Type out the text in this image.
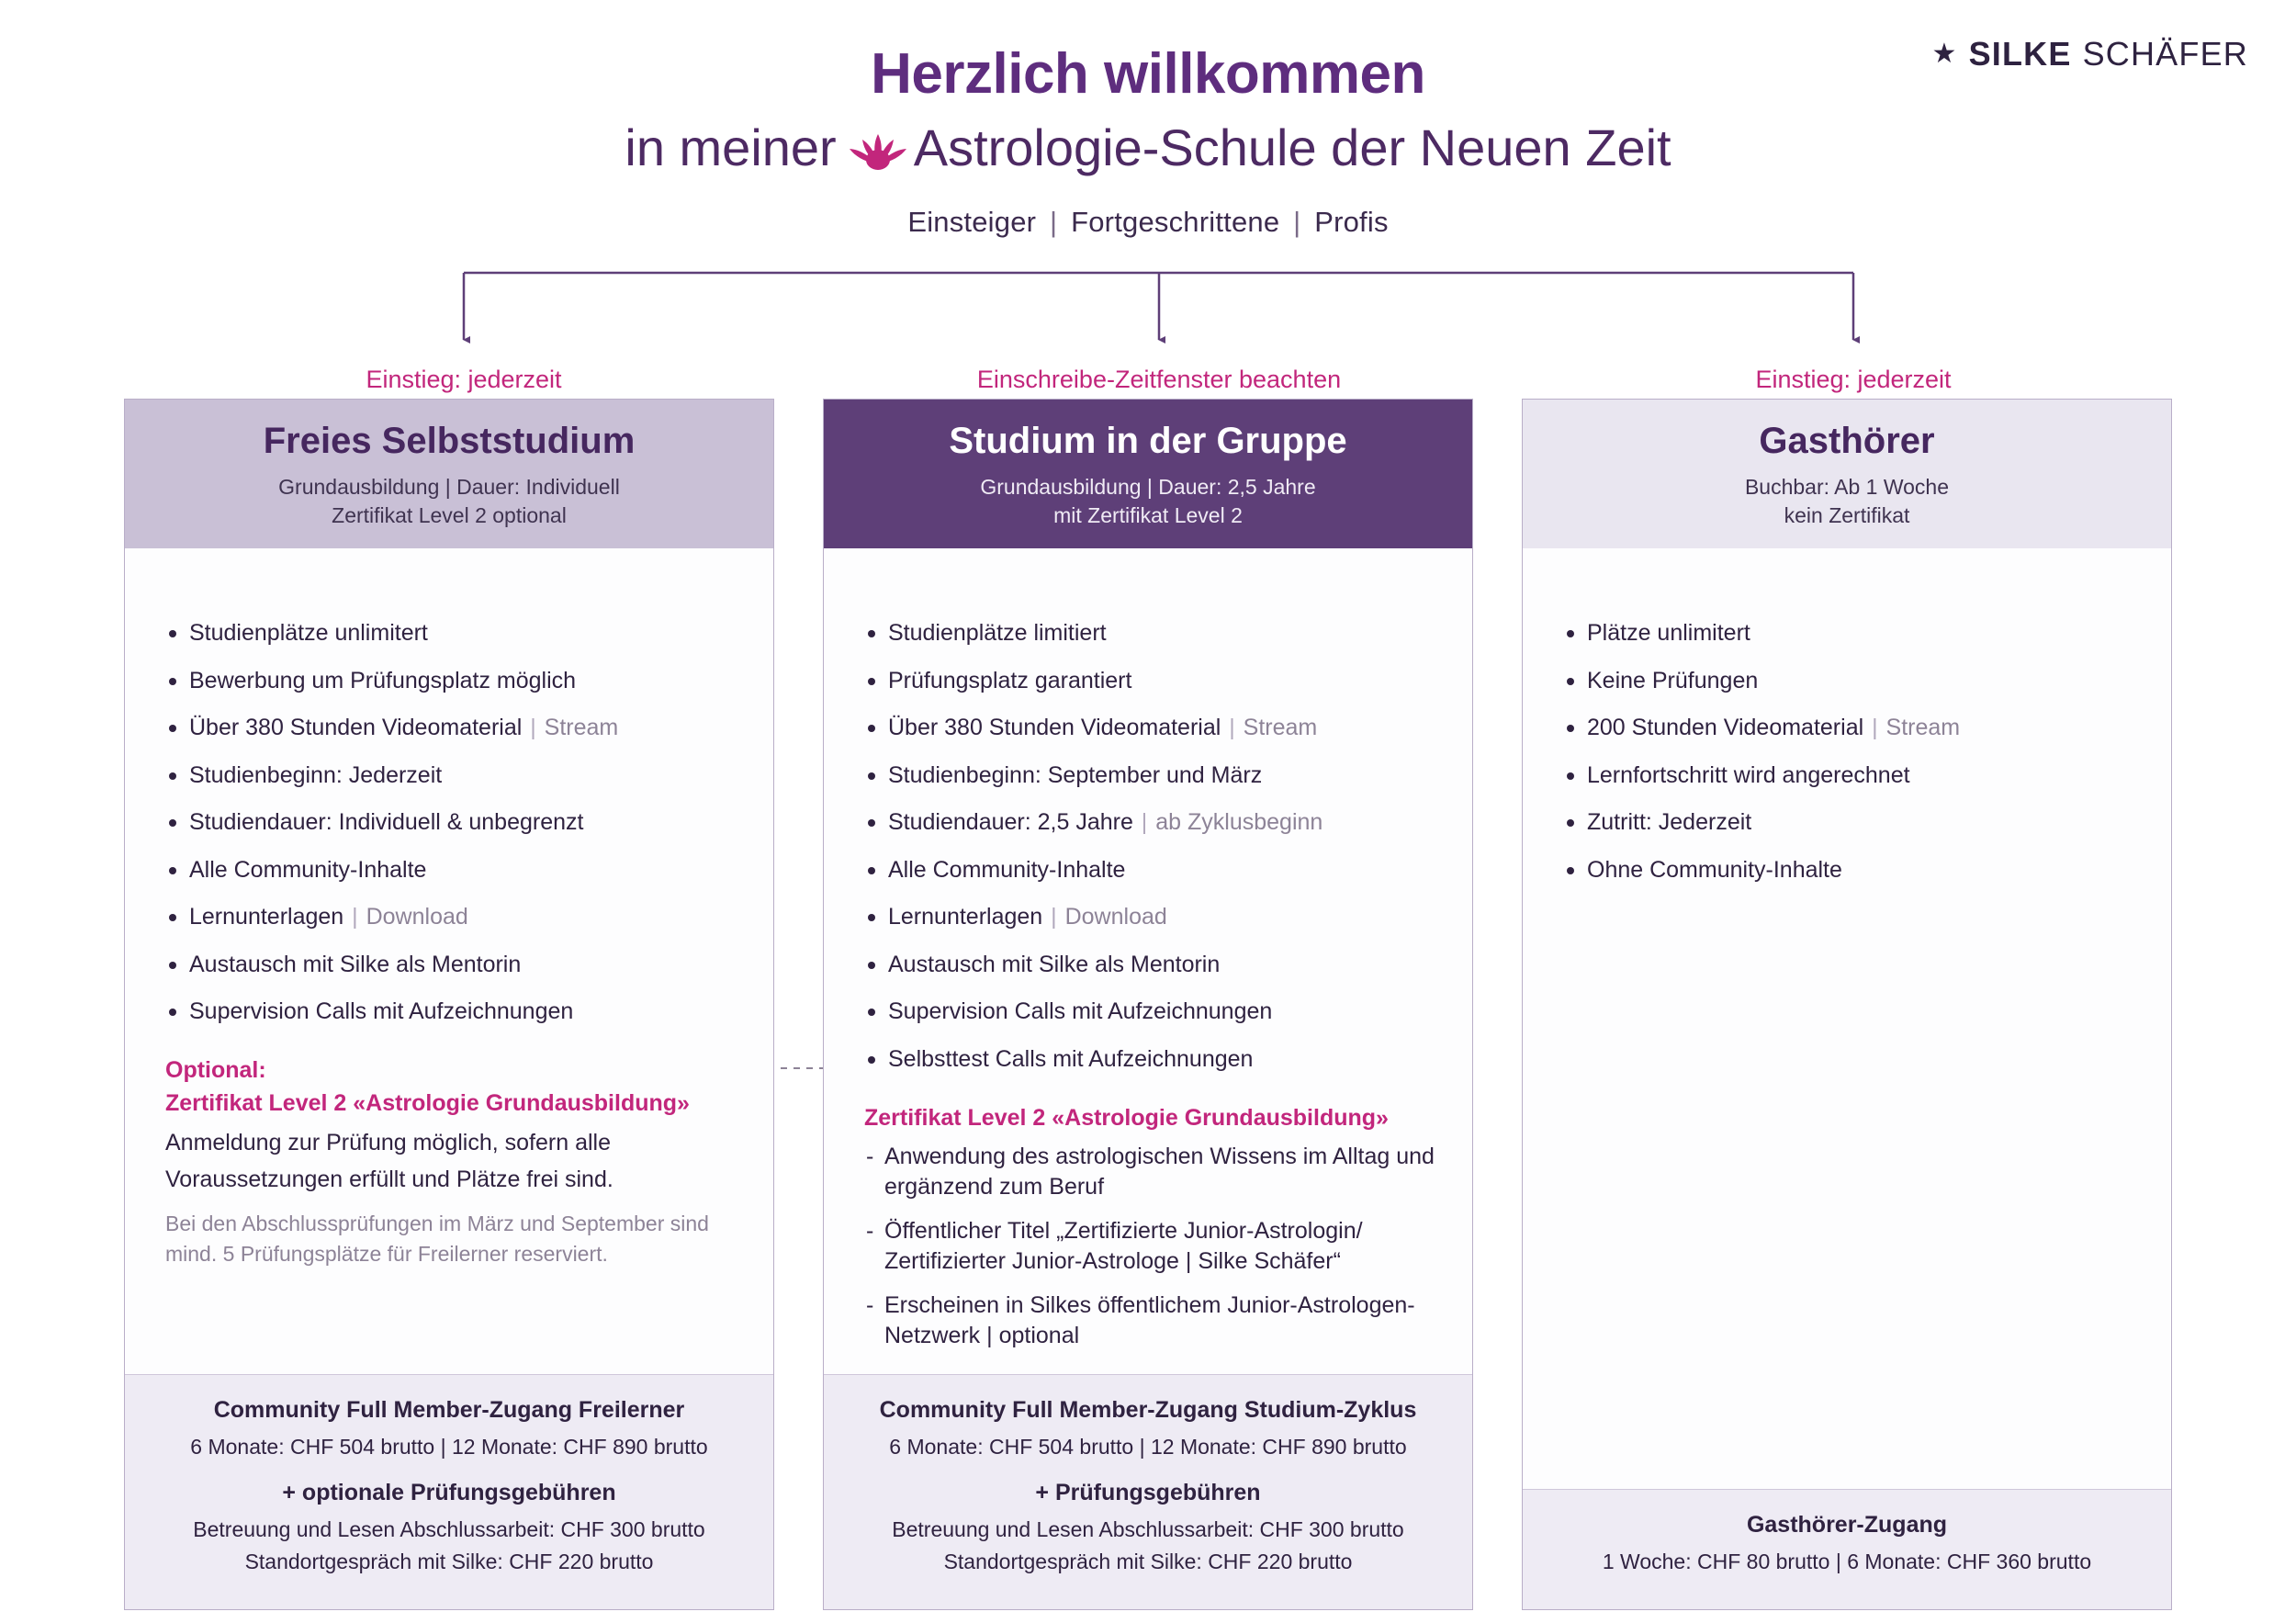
★ SILKE SCHÄFER
Herzlich willkommen
in meiner Astrologie-Schule der Neuen Zeit
Einsteiger | Fortgeschrittene | Profis
Einstieg: jederzeit	Einschreibe-Zeitfenster beachten	Einstieg: jederzeit
Freies Selbststudium
Grundausbildung | Dauer: Individuell
Zertifikat Level 2 optional
Studienplätze unlimitert
Bewerbung um Prüfungsplatz möglich
Über 380 Stunden Videomaterial | Stream
Studienbeginn: Jederzeit
Studiendauer: Individuell & unbegrenzt
Alle Community-Inhalte
Lernunterlagen | Download
Austausch mit Silke als Mentorin
Supervision Calls mit Aufzeichnungen
Optional:
Zertifikat Level 2 «Astrologie Grundausbildung»
Anmeldung zur Prüfung möglich, sofern alle
Voraussetzungen erfüllt und Plätze frei sind.
Bei den Abschlussprüfungen im März und September sind mind. 5 Prüfungsplätze für Freilerner reserviert.
Community Full Member-Zugang Freilerner
6 Monate: CHF 504 brutto | 12 Monate: CHF 890 brutto
+ optionale Prüfungsgebühren
Betreuung und Lesen Abschlussarbeit: CHF 300 brutto
Standortgespräch mit Silke: CHF 220 brutto
Studium in der Gruppe
Grundausbildung | Dauer: 2,5 Jahre
mit Zertifikat Level 2
Studienplätze limitiert
Prüfungsplatz garantiert
Über 380 Stunden Videomaterial | Stream
Studienbeginn: September und März
Studiendauer: 2,5 Jahre | ab Zyklusbeginn
Alle Community-Inhalte
Lernunterlagen | Download
Austausch mit Silke als Mentorin
Supervision Calls mit Aufzeichnungen
Selbsttest Calls mit Aufzeichnungen
Zertifikat Level 2 «Astrologie Grundausbildung»
- Anwendung des astrologischen Wissens im Alltag und ergänzend zum Beruf
- Öffentlicher Titel „Zertifizierte Junior-Astrologin/ Zertifizierter Junior-Astrologe | Silke Schäfer“
- Erscheinen in Silkes öffentlichem Junior-Astrologen-Netzwerk | optional
Community Full Member-Zugang Studium-Zyklus
6 Monate: CHF 504 brutto | 12 Monate: CHF 890 brutto
+ Prüfungsgebühren
Betreuung und Lesen Abschlussarbeit: CHF 300 brutto
Standortgespräch mit Silke: CHF 220 brutto
Gasthörer
Buchbar: Ab 1 Woche
kein Zertifikat
Plätze unlimitert
Keine Prüfungen
200 Stunden Videomaterial | Stream
Lernfortschritt wird angerechnet
Zutritt: Jederzeit
Ohne Community-Inhalte
Gasthörer-Zugang
1 Woche: CHF 80 brutto | 6 Monate: CHF 360 brutto
